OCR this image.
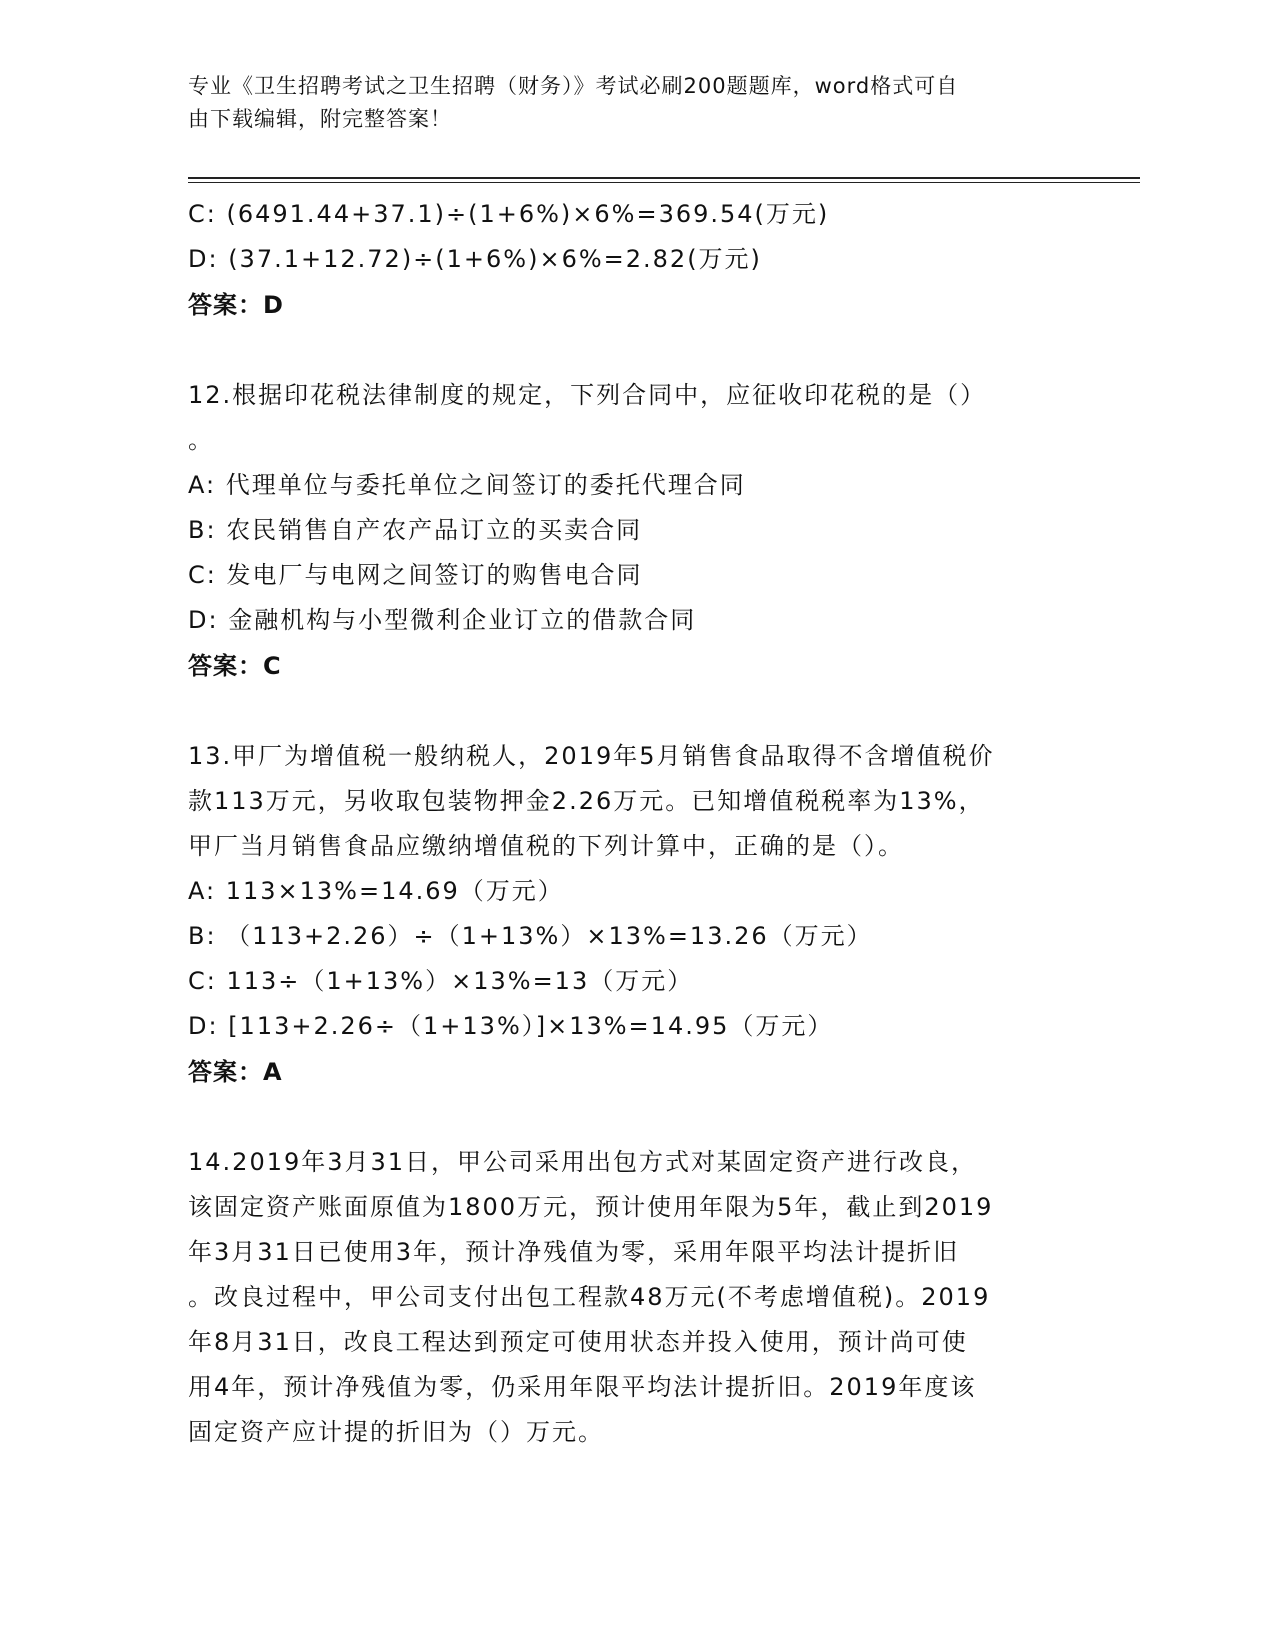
专业《卫生招聘考试之卫生招聘（财务）》考试必刷200题题库，word格式可自
由下载编辑，附完整答案！
C: (6491.44+37.1)÷(1+6%)×6%=369.54(万元)
D: (37.1+12.72)÷(1+6%)×6%=2.82(万元)
答案：D
12.根据印花税法律制度的规定，下列合同中，应征收印花税的是（）
。
A: 代理单位与委托单位之间签订的委托代理合同
B: 农民销售自产农产品订立的买卖合同
C: 发电厂与电网之间签订的购售电合同
D: 金融机构与小型微利企业订立的借款合同
答案：C
13.甲厂为增值税一般纳税人，2019年5月销售食品取得不含增值税价
款113万元，另收取包装物押金2.26万元。已知增值税税率为13%，
甲厂当月销售食品应缴纳增值税的下列计算中，正确的是（）。
A: 113×13%=14.69（万元）
B: （113+2.26）÷（1+13%）×13%=13.26（万元）
C: 113÷（1+13%）×13%=13（万元）
D: [113+2.26÷（1+13%）]×13%=14.95（万元）
答案：A
14.2019年3月31日，甲公司采用出包方式对某固定资产进行改良，
该固定资产账面原值为1800万元，预计使用年限为5年，截止到2019
年3月31日已使用3年，预计净残值为零，采用年限平均法计提折旧
。改良过程中，甲公司支付出包工程款48万元(不考虑增值税)。2019
年8月31日，改良工程达到预定可使用状态并投入使用，预计尚可使
用4年，预计净残值为零，仍采用年限平均法计提折旧。2019年度该
固定资产应计提的折旧为（）万元。
